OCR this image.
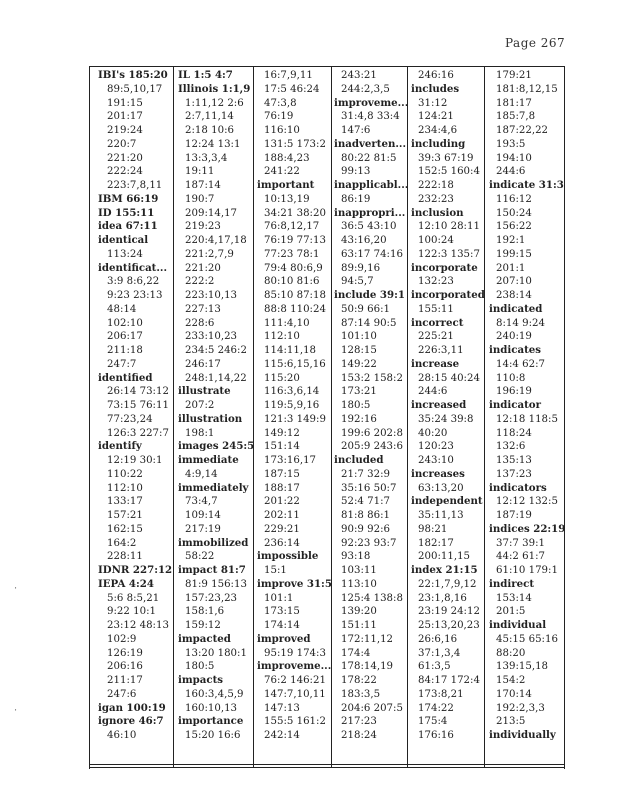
Page 267
⋅
⋅
IBI's 185:20
89:5,10,17
191:15
201:17
219:24
220:7
221:20
222:24
223:7,8,11
IBM 66:19
ID 155:11
idea 67:11
identical
113:24
identificat...
3:9 8:6,22
9:23 23:13
48:14
102:10
206:17
211:18
247:7
identified
26:14 73:12
73:15 76:11
77:23,24
126:3 227:7
identify
12:19 30:1
110:22
112:10
133:17
157:21
162:15
164:2
228:11
IDNR 227:12
IEPA 4:24
5:6 8:5,21
9:22 10:1
23:12 48:13
102:9
126:19
206:16
211:17
247:6
igan 100:19
ignore 46:7
46:10
IL 1:5 4:7
Illinois 1:1,9
1:11,12 2:6
2:7,11,14
2:18 10:6
12:24 13:1
13:3,3,4
19:11
187:14
190:7
209:14,17
219:23
220:4,17,18
221:2,7,9
221:20
222:2
223:10,13
227:13
228:6
233:10,23
234:5 246:2
246:17
248:1,14,22
illustrate
207:2
illustration
198:1
images 245:5
immediate
4:9,14
immediately
73:4,7
109:14
217:19
immobilized
58:22
impact 81:7
81:9 156:13
157:23,23
158:1,6
159:12
impacted
13:20 180:1
180:5
impacts
160:3,4,5,9
160:10,13
importance
15:20 16:6
16:7,9,11
17:5 46:24
47:3,8
76:19
116:10
131:5 173:2
188:4,23
241:22
important
10:13,19
34:21 38:20
76:8,12,17
76:19 77:13
77:23 78:1
79:4 80:6,9
80:10 81:6
85:10 87:18
88:8 110:24
111:4,10
112:10
114:11,18
115:6,15,16
115:20
116:3,6,14
119:5,9,16
121:3 149:9
149:12
151:14
173:16,17
187:15
188:17
201:22
202:11
229:21
236:14
impossible
15:1
improve 31:5
101:1
173:15
174:14
improved
95:19 174:3
improveme...
76:2 146:21
147:7,10,11
147:13
155:5 161:2
242:14
243:21
244:2,3,5
improveme...
31:4,8 33:4
147:6
inadverten...
80:22 81:5
99:13
inapplicabl...
86:19
inappropri...
36:5 43:10
43:16,20
63:17 74:16
89:9,16
94:5,7
include 39:1
50:9 66:1
87:14 90:5
101:10
128:15
149:22
153:2 158:2
173:21
180:5
192:16
199:6 202:8
205:9 243:6
included
21:7 32:9
35:16 50:7
52:4 71:7
81:8 86:1
90:9 92:6
92:23 93:7
93:18
103:11
113:10
125:4 138:8
139:20
151:11
172:11,12
174:4
178:14,19
178:22
183:3,5
204:6 207:5
217:23
218:24
246:16
includes
31:12
124:21
234:4,6
including
39:3 67:19
152:5 160:4
222:18
232:23
inclusion
12:10 28:11
100:24
122:3 135:7
incorporate
132:23
incorporated
155:11
incorrect
225:21
226:3,11
increase
28:15 40:24
244:6
increased
35:24 39:8
40:20
120:23
243:10
increases
63:13,20
independent
35:11,13
98:21
182:17
200:11,15
index 21:15
22:1,7,9,12
23:1,8,16
23:19 24:12
25:13,20,23
26:6,16
37:1,3,4
61:3,5
84:17 172:4
173:8,21
174:22
175:4
176:16
179:21
181:8,12,15
181:17
185:7,8
187:22,22
193:5
194:10
244:6
indicate 31:3
116:12
150:24
156:22
192:1
199:15
201:1
207:10
238:14
indicated
8:14 9:24
240:19
indicates
14:4 62:7
110:8
196:19
indicator
12:18 118:5
118:24
132:6
135:13
137:23
indicators
12:12 132:5
187:19
indices 22:19
37:7 39:1
44:2 61:7
61:10 179:1
indirect
153:14
201:5
individual
45:15 65:16
88:20
139:15,18
154:2
170:14
192:2,3,3
213:5
individually
